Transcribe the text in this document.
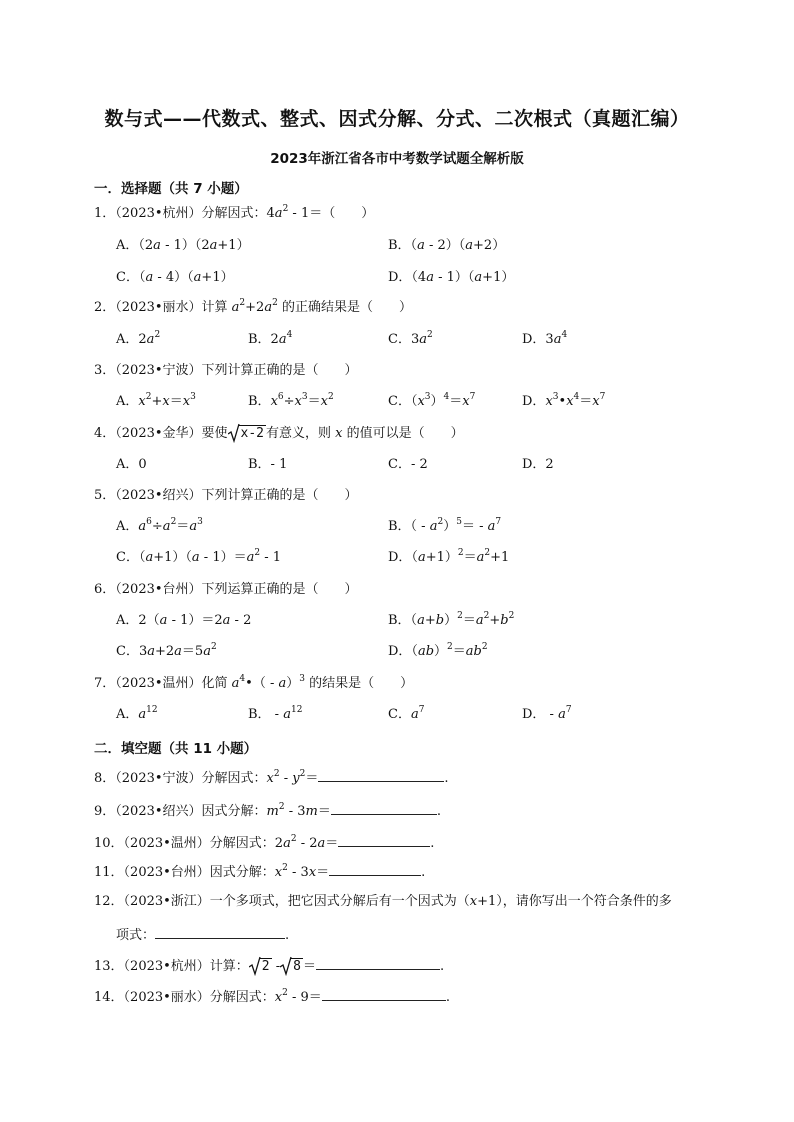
数与式——代数式、整式、因式分解、分式、二次根式（真题汇编）
2023年浙江省各市中考数学试题全解析版
一．选择题（共 7 小题）
1．（2023•杭州）分解因式：$4a^2 - 1=$（　　）
A．（2a - 1）（2a+1）	B．（a - 2）（a+2）
C．（a - 4）（a+1）	D．（4a - 1）（a+1）
2．（2023•丽水）计算 $a^2+2a^2$ 的正确结果是（　　）
A．$2a^2$	B．$2a^4$	C．$3a^2$	D．$3a^4$
3．（2023•宁波）下列计算正确的是（　　）
A．$x^2+x=x^3$	B．$x^6\div x^3=x^2$	C．$(x^3)^4=x^7$	D．$x^3•x^4=x^7$
4．（2023•金华）要使 x-2 有意义，则 x 的值可以是（　　）
A．0	B．- 1	C．- 2	D．2
5．（2023•绍兴）下列计算正确的是（　　）
A．$a^6\div a^2=a^3$	B．（ - $a^2)^5= - a^7$
C．$(a+1)(a - 1)=a^2 - 1$	D．$(a+1)^2=a^2+1$
6．（2023•台州）下列运算正确的是（　　）
A．2（a - 1）＝2a - 2	B．$(a+b)^2=a^2+b^2$
C．$3a+2a=5a^2$	D．$(ab)^2=ab^2$
7．（2023•温州）化简 $a^4•( - a)^3$ 的结果是（　　）
A．$a^{12}$	B． - $a^{12}$	C．$a^7$	D． - $a^7$
二．填空题（共 11 小题）
8．（2023•宁波）分解因式：$x^2 - y^2=$	.
9．（2023•绍兴）因式分解：$m^2 - 3m=$	.
10．（2023•温州）分解因式：$2a^2 - 2a=$	.
11．（2023•台州）因式分解：$x^2 - 3x=$	.
12．（2023•浙江）一个多项式，把它因式分解后有一个因式为（x+1），请你写出一个符合条件的多
项式：	.
13．（2023•杭州）计算： 2 - 8 ＝	.
14．（2023•丽水）分解因式：$x^2 - 9=$	.
